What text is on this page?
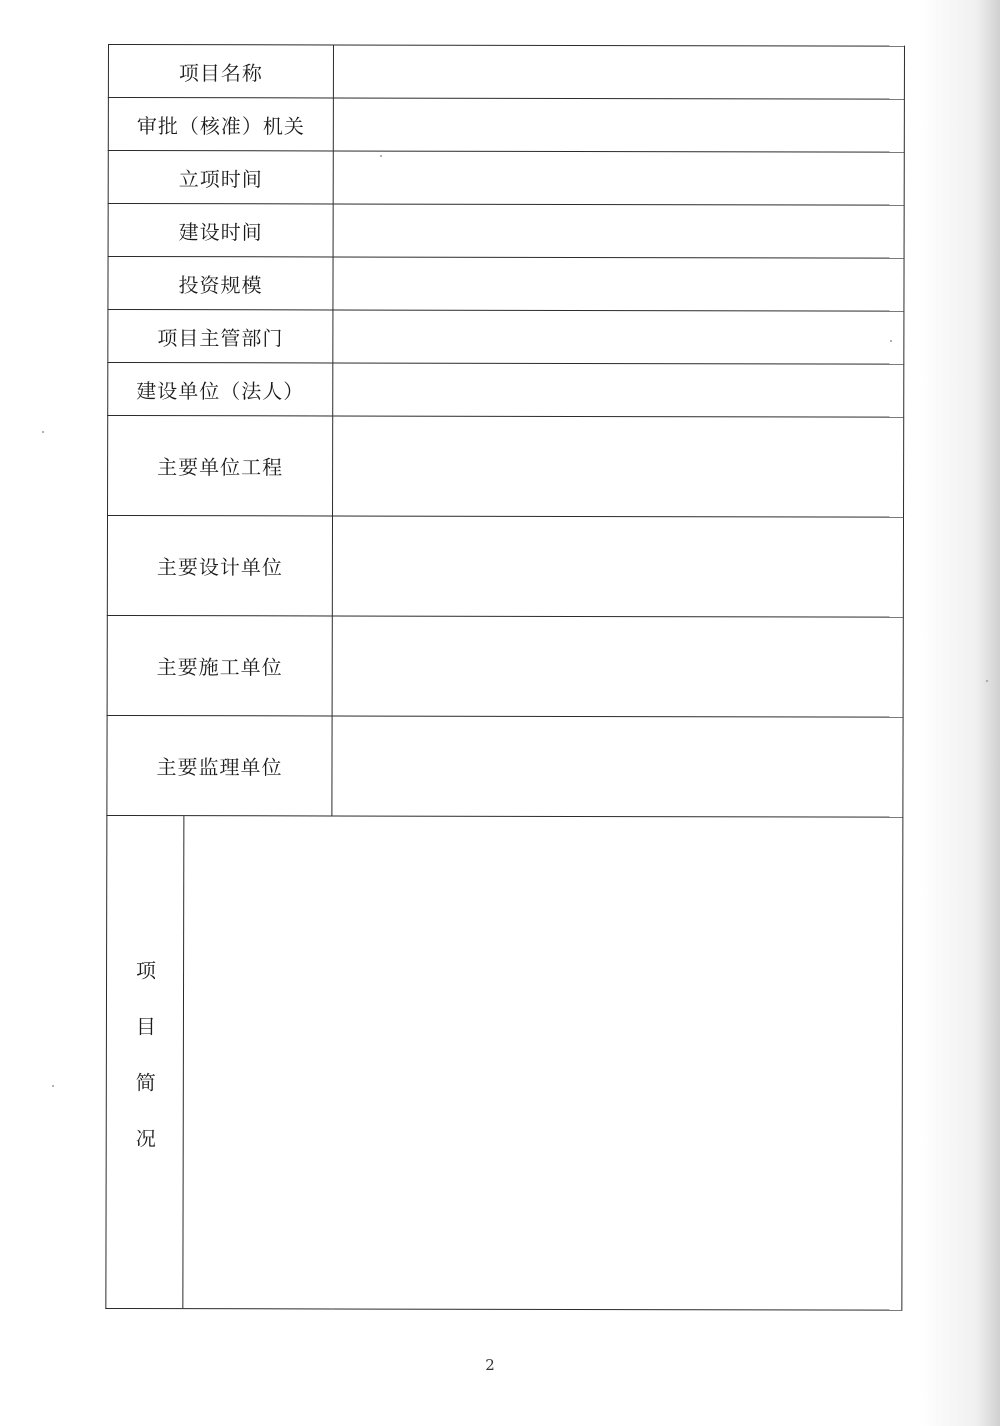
项目名称	
审批（核准）机关	
立项时间	
建设时间	
投资规模	
项目主管部门	
建设单位（法人）	
主要单位工程	
主要设计单位	
主要施工单位	
主要监理单位	

项目简况	
2
